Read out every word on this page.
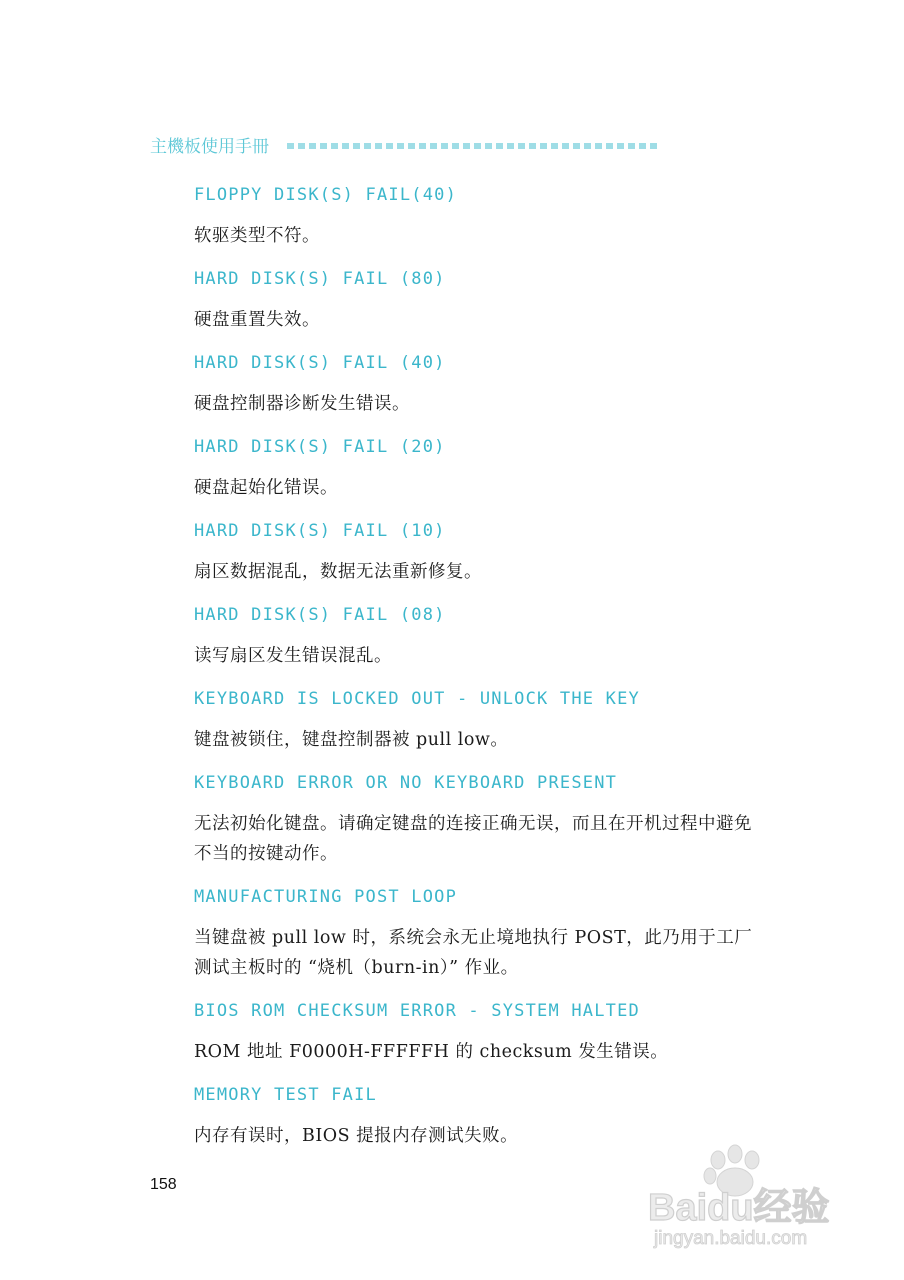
主機板使用手冊
FLOPPY DISK(S) FAIL(40)
软驱类型不符。
HARD DISK(S) FAIL (80)
硬盘重置失效。
HARD DISK(S) FAIL (40)
硬盘控制器诊断发生错误。
HARD DISK(S) FAIL (20)
硬盘起始化错误。
HARD DISK(S) FAIL (10)
扇区数据混乱，数据无法重新修复。
HARD DISK(S) FAIL (08)
读写扇区发生错误混乱。
KEYBOARD IS LOCKED OUT - UNLOCK THE KEY
键盘被锁住，键盘控制器被 pull low。
KEYBOARD ERROR OR NO KEYBOARD PRESENT
无法初始化键盘。请确定键盘的连接正确无误，而且在开机过程中避免不当的按键动作。
MANUFACTURING POST LOOP
当键盘被 pull low 时，系统会永无止境地执行 POST，此乃用于工厂测试主板时的 “烧机（burn-in）” 作业。
BIOS ROM CHECKSUM ERROR - SYSTEM HALTED
ROM 地址 F0000H-FFFFFH 的 checksum 发生错误。
MEMORY TEST FAIL
内存有误时，BIOS 提报内存测试失败。
158
Baidu经验
jingyan.baidu.com
